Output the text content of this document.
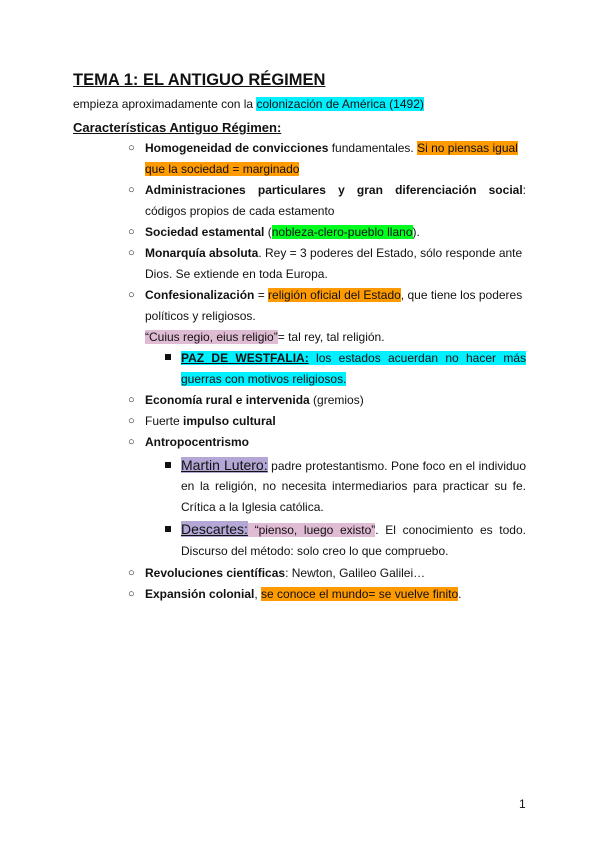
TEMA 1: EL ANTIGUO RÉGIMEN
empieza aproximadamente con la colonización de América (1492)
Características Antiguo Régimen:
○ Homogeneidad de convicciones fundamentales. Si no piensas igual
que la sociedad = marginado
○ Administraciones particulares y gran diferenciación social:
códigos propios de cada estamento
○ Sociedad estamental (nobleza-clero-pueblo llano).
○ Monarquía absoluta. Rey = 3 poderes del Estado, sólo responde ante
Dios. Se extiende en toda Europa.
○ Confesionalización = religión oficial del Estado, que tiene los poderes
políticos y religiosos.
“Cuius regio, eius religio”= tal rey, tal religión.
PAZ DE WESTFALIA: los estados acuerdan no hacer más
guerras con motivos religiosos.
○ Economía rural e intervenida (gremios)
○ Fuerte impulso cultural
○ Antropocentrismo
Martin Lutero: padre protestantismo. Pone foco en el individuo
en la religión, no necesita intermediarios para practicar su fe.
Crítica a la Iglesia católica.
Descartes: “pienso, luego existo”. El conocimiento es todo.
Discurso del método: solo creo lo que compruebo.
○ Revoluciones científicas: Newton, Galileo Galilei…
○ Expansión colonial, se conoce el mundo= se vuelve finito.
1
